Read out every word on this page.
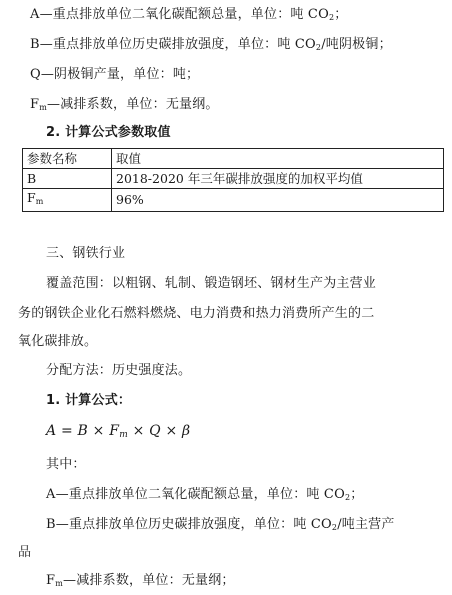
A—重点排放单位二氧化碳配额总量，单位：吨 $CO_2$；
B—重点排放单位历史碳排放强度，单位：吨 $CO_2/$吨阴极铜；
Q—阴极铜产量，单位：吨；
$F_m—$减排系数，单位：无量纲。
2. 计算公式参数取值
参数名称	取值
B	2018-2020 年三年碳排放强度的加权平均值
$F_m$	96%
三、钢铁行业
覆盖范围：以粗钢、轧制、锻造钢坯、钢材生产为主营业
务的钢铁企业化石燃料燃烧、电力消费和热力消费所产生的二
氧化碳排放。
分配方法：历史强度法。
1. 计算公式：
$A = B \times F_m \times Q \times \beta$
其中：
A—重点排放单位二氧化碳配额总量，单位：吨 $CO_2$；
B—重点排放单位历史碳排放强度，单位：吨 $CO_2/$吨主营产
品
$F_m—$减排系数，单位：无量纲；
